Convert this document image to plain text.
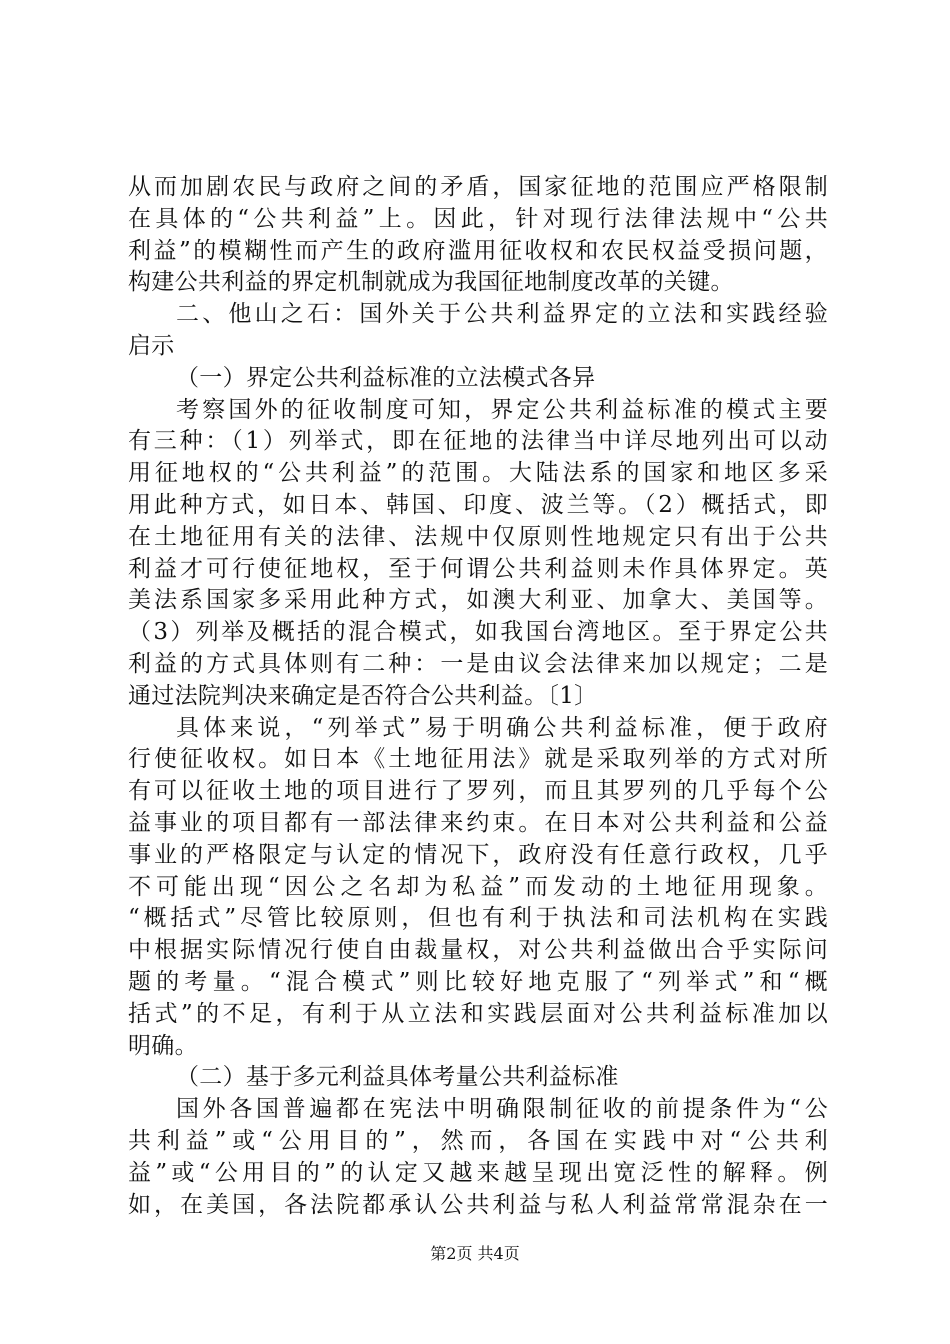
从而加剧农民与政府之间的矛盾，国家征地的范围应严格限制
在具体的“公共利益”上。因此，针对现行法律法规中“公共
利益”的模糊性而产生的政府滥用征收权和农民权益受损问题，
构建公共利益的界定机制就成为我国征地制度改革的关键。
二、他山之石：国外关于公共利益界定的立法和实践经验
启示
（一）界定公共利益标准的立法模式各异
考察国外的征收制度可知，界定公共利益标准的模式主要
有三种：（1）列举式，即在征地的法律当中详尽地列出可以动
用征地权的“公共利益”的范围。大陆法系的国家和地区多采
用此种方式，如日本、韩国、印度、波兰等。（2）概括式，即
在土地征用有关的法律、法规中仅原则性地规定只有出于公共
利益才可行使征地权，至于何谓公共利益则未作具体界定。英
美法系国家多采用此种方式，如澳大利亚、加拿大、美国等。
（3）列举及概括的混合模式，如我国台湾地区。至于界定公共
利益的方式具体则有二种：一是由议会法律来加以规定；二是
通过法院判决来确定是否符合公共利益。〔1〕
具体来说，“列举式”易于明确公共利益标准，便于政府
行使征收权。如日本《土地征用法》就是采取列举的方式对所
有可以征收土地的项目进行了罗列，而且其罗列的几乎每个公
益事业的项目都有一部法律来约束。在日本对公共利益和公益
事业的严格限定与认定的情况下，政府没有任意行政权，几乎
不可能出现“因公之名却为私益”而发动的土地征用现象。
“概括式”尽管比较原则，但也有利于执法和司法机构在实践
中根据实际情况行使自由裁量权，对公共利益做出合乎实际问
题的考量。“混合模式”则比较好地克服了“列举式”和“概
括式”的不足，有利于从立法和实践层面对公共利益标准加以
明确。
（二）基于多元利益具体考量公共利益标准
国外各国普遍都在宪法中明确限制征收的前提条件为“公
共利益”或“公用目的”，然而，各国在实践中对“公共利
益”或“公用目的”的认定又越来越呈现出宽泛性的解释。例
如，在美国，各法院都承认公共利益与私人利益常常混杂在一
第2页 共4页
